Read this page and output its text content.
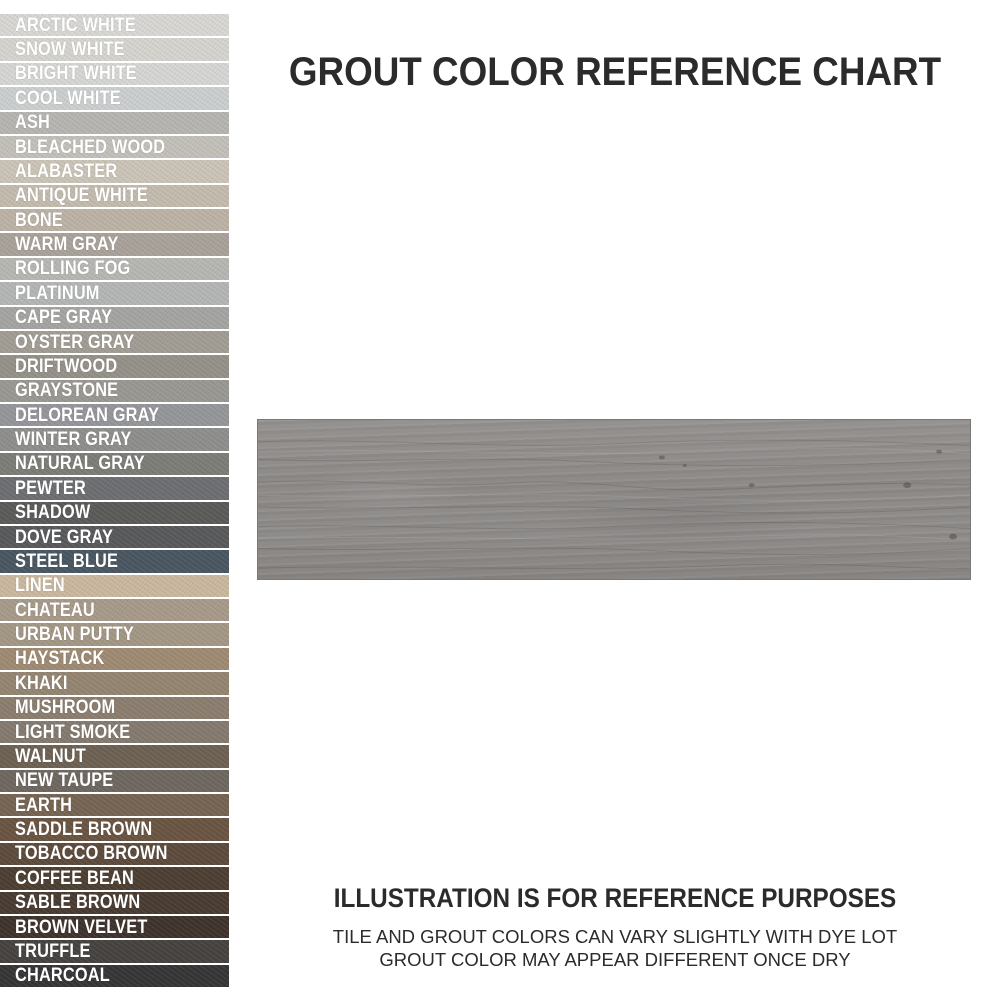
ARCTIC WHITE
SNOW WHITE
BRIGHT WHITE
COOL WHITE
ASH
BLEACHED WOOD
ALABASTER
ANTIQUE WHITE
BONE
WARM GRAY
ROLLING FOG
PLATINUM
CAPE GRAY
OYSTER GRAY
DRIFTWOOD
GRAYSTONE
DELOREAN GRAY
WINTER GRAY
NATURAL GRAY
PEWTER
SHADOW
DOVE GRAY
STEEL BLUE
LINEN
CHATEAU
URBAN PUTTY
HAYSTACK
KHAKI
MUSHROOM
LIGHT SMOKE
WALNUT
NEW TAUPE
EARTH
SADDLE BROWN
TOBACCO BROWN
COFFEE BEAN
SABLE BROWN
BROWN VELVET
TRUFFLE
CHARCOAL
GROUT COLOR REFERENCE CHART
ILLUSTRATION IS FOR REFERENCE PURPOSES
TILE AND GROUT COLORS CAN VARY SLIGHTLY WITH DYE LOT
GROUT COLOR MAY APPEAR DIFFERENT ONCE DRY
